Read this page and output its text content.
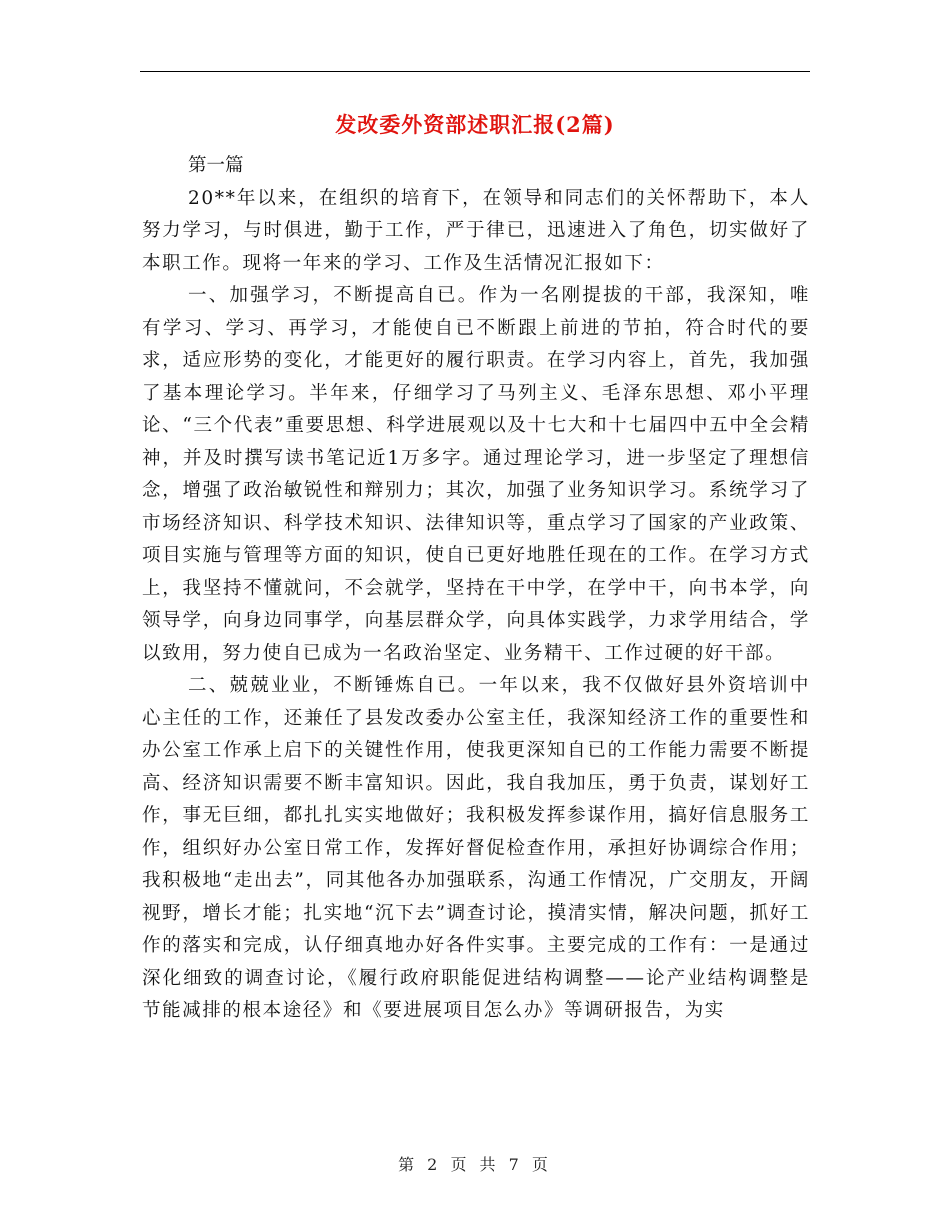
发改委外资部述职汇报(2篇)

第一篇

20**年以来，在组织的培育下，在领导和同志们的关怀帮助下，本人努力学习，与时俱进，勤于工作，严于律已，迅速进入了角色，切实做好了本职工作。现将一年来的学习、工作及生活情况汇报如下：

一、加强学习，不断提高自已。作为一名刚提拔的干部，我深知，唯有学习、学习、再学习，才能使自已不断跟上前进的节拍，符合时代的要求，适应形势的变化，才能更好的履行职责。在学习内容上，首先，我加强了基本理论学习。半年来，仔细学习了马列主义、毛泽东思想、邓小平理论、“三个代表”重要思想、科学进展观以及十七大和十七届四中五中全会精神，并及时撰写读书笔记近1万多字。通过理论学习，进一步坚定了理想信念，增强了政治敏锐性和辩别力；其次，加强了业务知识学习。系统学习了市场经济知识、科学技术知识、法律知识等，重点学习了国家的产业政策、项目实施与管理等方面的知识，使自已更好地胜任现在的工作。在学习方式上，我坚持不懂就问，不会就学，坚持在干中学，在学中干，向书本学，向领导学，向身边同事学，向基层群众学，向具体实践学，力求学用结合，学以致用，努力使自已成为一名政治坚定、业务精干、工作过硬的好干部。

二、兢兢业业，不断锤炼自已。一年以来，我不仅做好县外资培训中心主任的工作，还兼任了县发改委办公室主任，我深知经济工作的重要性和办公室工作承上启下的关键性作用，使我更深知自已的工作能力需要不断提高、经济知识需要不断丰富知识。因此，我自我加压，勇于负责，谋划好工作，事无巨细，都扎扎实实地做好；我积极发挥参谋作用，搞好信息服务工作，组织好办公室日常工作，发挥好督促检查作用，承担好协调综合作用；我积极地“走出去”，同其他各办加强联系，沟通工作情况，广交朋友，开阔视野，增长才能；扎实地“沉下去”调查讨论，摸清实情，解决问题，抓好工作的落实和完成，认仔细真地办好各件实事。主要完成的工作有：一是通过深化细致的调查讨论，《履行政府职能促进结构调整——论产业结构调整是节能减排的根本途径》和《要进展项目怎么办》等调研报告，为实

第 2 页 共 7 页
